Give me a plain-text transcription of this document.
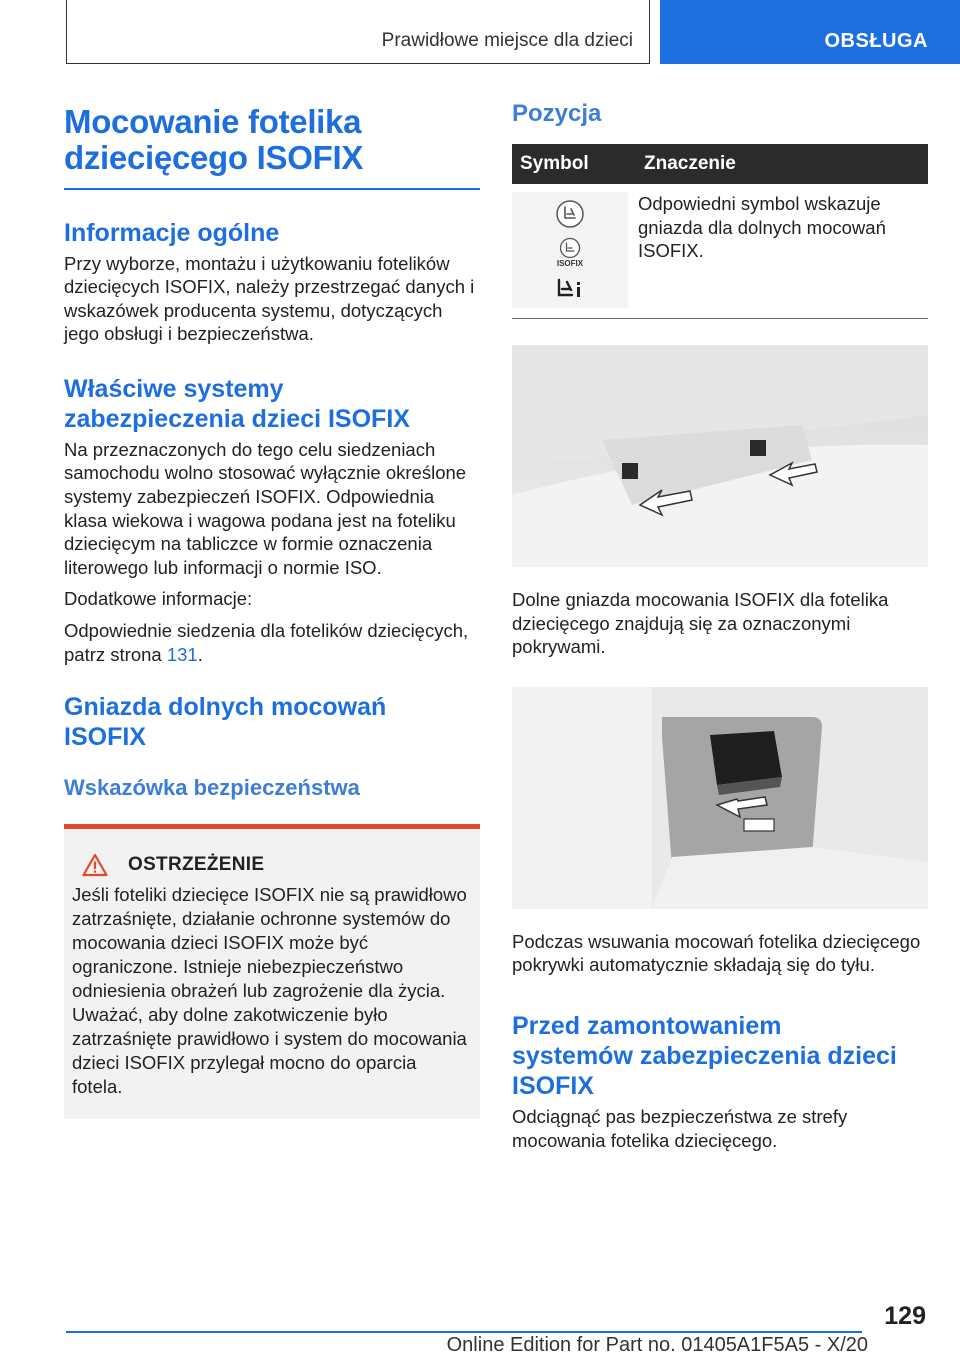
Prawidłowe miejsce dla dzieci	OBSŁUGA
Mocowanie fotelika
dziecięcego ISOFIX
Informacje ogólne
Przy wyborze, montażu i użytkowaniu fotelików dziecięcych ISOFIX, należy przestrzegać danych i wskazówek producenta systemu, dotyczących jego obsługi i bezpieczeństwa.
Właściwe systemy
zabezpieczenia dzieci ISOFIX
Na przeznaczonych do tego celu siedzeniach samochodu wolno stosować wyłącznie określone systemy zabezpieczeń ISOFIX. Odpowiednia klasa wiekowa i wagowa podana jest na foteliku dziecięcym na tabliczce w formie oznaczenia literowego lub informacji o normie ISO.
Dodatkowe informacje:
Odpowiednie siedzenia dla fotelików dziecięcych, patrz strona 131.
Gniazda dolnych mocowań
ISOFIX
Wskazówka bezpieczeństwa
OSTRZEŻENIE
Jeśli foteliki dziecięce ISOFIX nie są prawidłowo zatrzaśnięte, działanie ochronne systemów do mocowania dzieci ISOFIX może być ograniczone. Istnieje niebezpieczeństwo odniesienia obrażeń lub zagrożenie dla życia. Uważać, aby dolne zakotwiczenie było zatrzaśnięte prawidłowo i system do mocowania dzieci ISOFIX przylegał mocno do oparcia fotela.
Pozycja
Symbol	Znaczenie
ISOFIX
Odpowiedni symbol wskazuje gniazda dla dolnych mocowań ISOFIX.
Dolne gniazda mocowania ISOFIX dla fotelika dziecięcego znajdują się za oznaczonymi pokrywami.
Podczas wsuwania mocowań fotelika dziecięcego pokrywki automatycznie składają się do tyłu.
Przed zamontowaniem
systemów zabezpieczenia dzieci
ISOFIX
Odciągnąć pas bezpieczeństwa ze strefy mocowania fotelika dziecięcego.
129
Online Edition for Part no. 01405A1F5A5 - X/20
